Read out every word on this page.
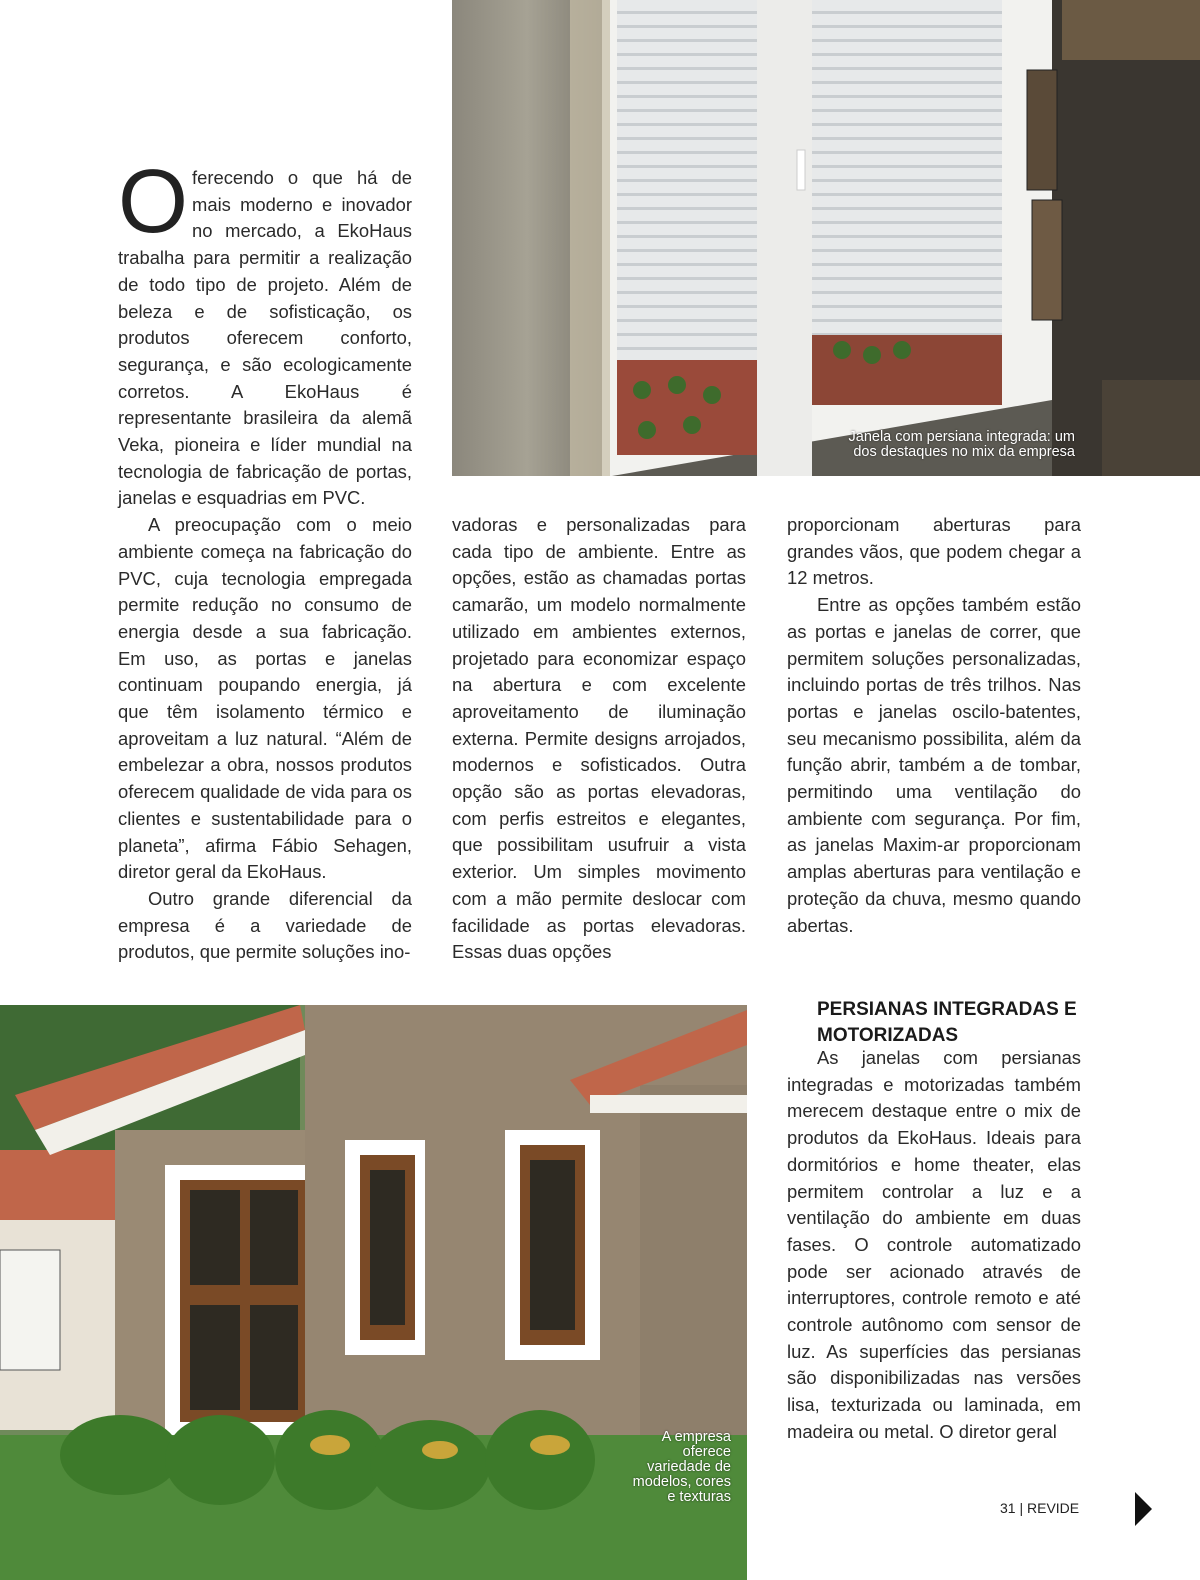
Janela com persiana integrada: um
dos destaques no mix da empresa
A empresa
oferece
variedade de
modelos, cores
e texturas

Oferecendo o que há de mais moderno e inovador no mercado, a EkoHaus trabalha para permitir a realização de todo tipo de projeto. Além de beleza e de sofisticação, os produtos oferecem conforto, segurança, e são ecologicamente corretos. A EkoHaus é representante brasileira da alemã Veka, pioneira e líder mundial na tecnologia de fabricação de portas, janelas e esquadrias em PVC.

A preocupação com o meio ambiente começa na fabricação do PVC, cuja tecnologia empregada permite redução no consumo de energia desde a sua fabricação. Em uso, as portas e janelas continuam poupando energia, já que têm isolamento térmico e aproveitam a luz natural. “Além de embelezar a obra, nossos produtos oferecem qualidade de vida para os clientes e sustentabilidade para o planeta”, afirma Fábio Sehagen, diretor geral da EkoHaus.

Outro grande diferencial da empresa é a variedade de produtos, que permite soluções ino-

vadoras e personalizadas para cada tipo de ambiente. Entre as opções, estão as chamadas portas camarão, um modelo normalmente utilizado em ambientes externos, projetado para economizar espaço na abertura e com excelente aproveitamento de iluminação externa. Permite designs arrojados, modernos e sofisticados. Outra opção são as portas elevadoras, com perfis estreitos e elegantes, que possibilitam usufruir a vista exterior. Um simples movimento com a mão permite deslocar com facilidade as portas elevadoras. Essas duas opções

proporcionam aberturas para grandes vãos, que podem chegar a 12 metros.

Entre as opções também estão as portas e janelas de correr, que permitem soluções personalizadas, incluindo portas de três trilhos. Nas portas e janelas oscilo-batentes, seu mecanismo possibilita, além da função abrir, também a de tombar, permitindo uma ventilação do ambiente com segurança. Por fim, as janelas Maxim-ar proporcionam amplas aberturas para ventilação e proteção da chuva, mesmo quando abertas.

PERSIANAS INTEGRADAS E MOTORIZADAS

As janelas com persianas integradas e motorizadas também merecem destaque entre o mix de produtos da EkoHaus. Ideais para dormitórios e home theater, elas permitem controlar a luz e a ventilação do ambiente em duas fases. O controle automatizado pode ser acionado através de interruptores, controle remoto e até controle autônomo com sensor de luz. As superfícies das persianas são disponibilizadas nas versões lisa, texturizada ou laminada, em madeira ou metal. O diretor geral

31 | REVIDE
